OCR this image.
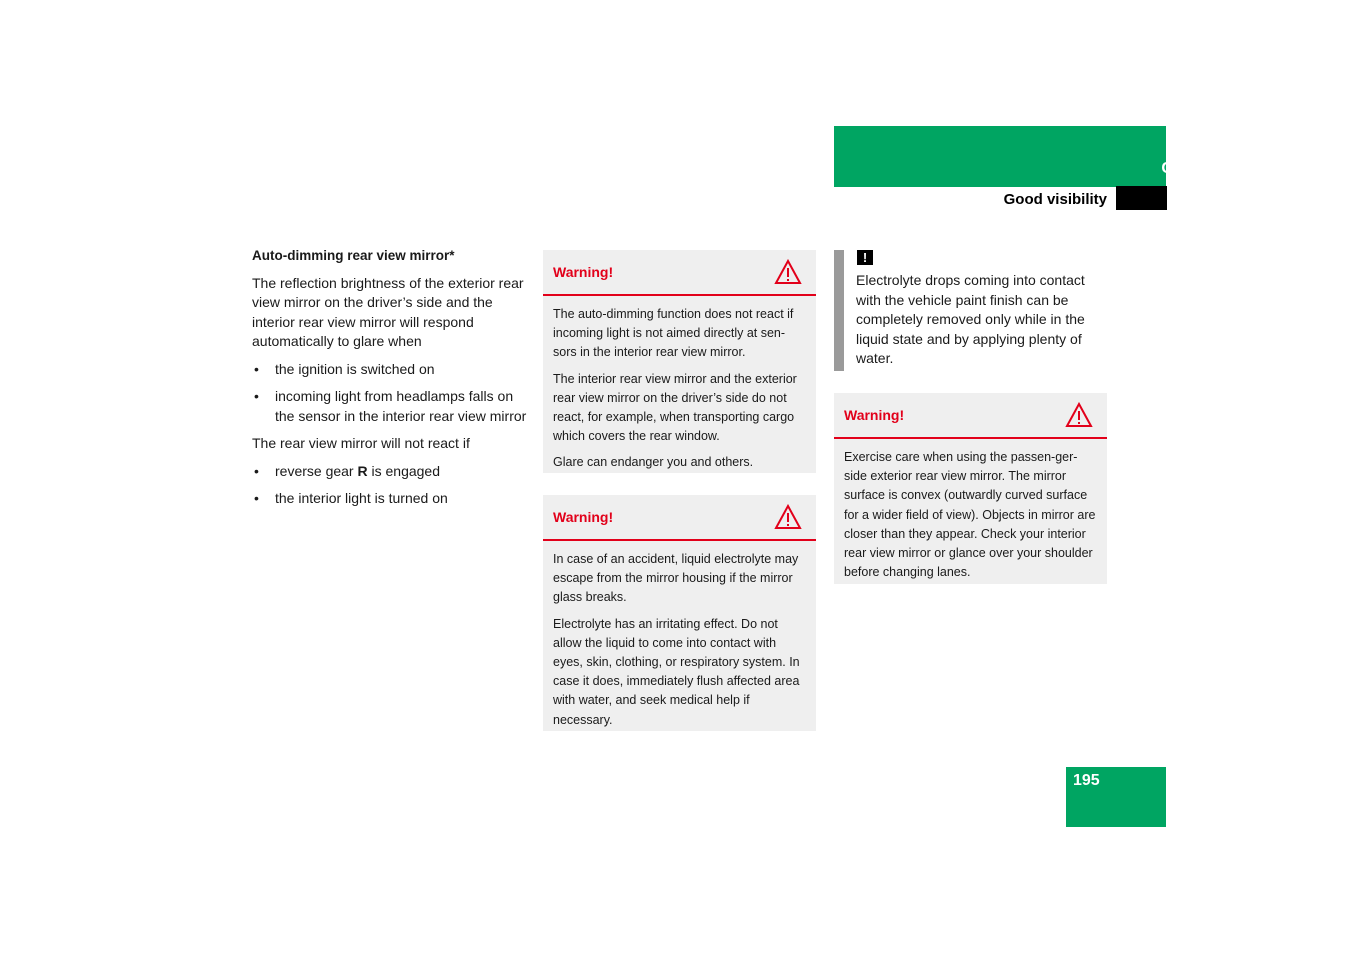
Controls in detail
Good visibility
Auto-dimming rear view mirror*

The reflection brightness of the exterior rear view mirror on the driver’s side and the interior rear view mirror will respond automatically to glare when

• the ignition is switched on
• incoming light from headlamps falls on the sensor in the interior rear view mirror

The rear view mirror will not react if

• reverse gear R is engaged
• the interior light is turned on
Warning!

The auto-dimming function does not react if incoming light is not aimed directly at sen-sors in the interior rear view mirror.

The interior rear view mirror and the exterior rear view mirror on the driver’s side do not react, for example, when transporting cargo which covers the rear window.

Glare can endanger you and others.

Warning!

In case of an accident, liquid electrolyte may escape from the mirror housing if the mirror glass breaks.

Electrolyte has an irritating effect. Do not allow the liquid to come into contact with eyes, skin, clothing, or respiratory system. In case it does, immediately flush affected area with water, and seek medical help if necessary.

!
Electrolyte drops coming into contact with the vehicle paint finish can be completely removed only while in the liquid state and by applying plenty of water.
Warning!

Exercise care when using the passen-ger-side exterior rear view mirror. The mirror surface is convex (outwardly curved surface for a wider field of view). Objects in mirror are closer than they appear. Check your interior rear view mirror or glance over your shoulder before changing lanes.

195
